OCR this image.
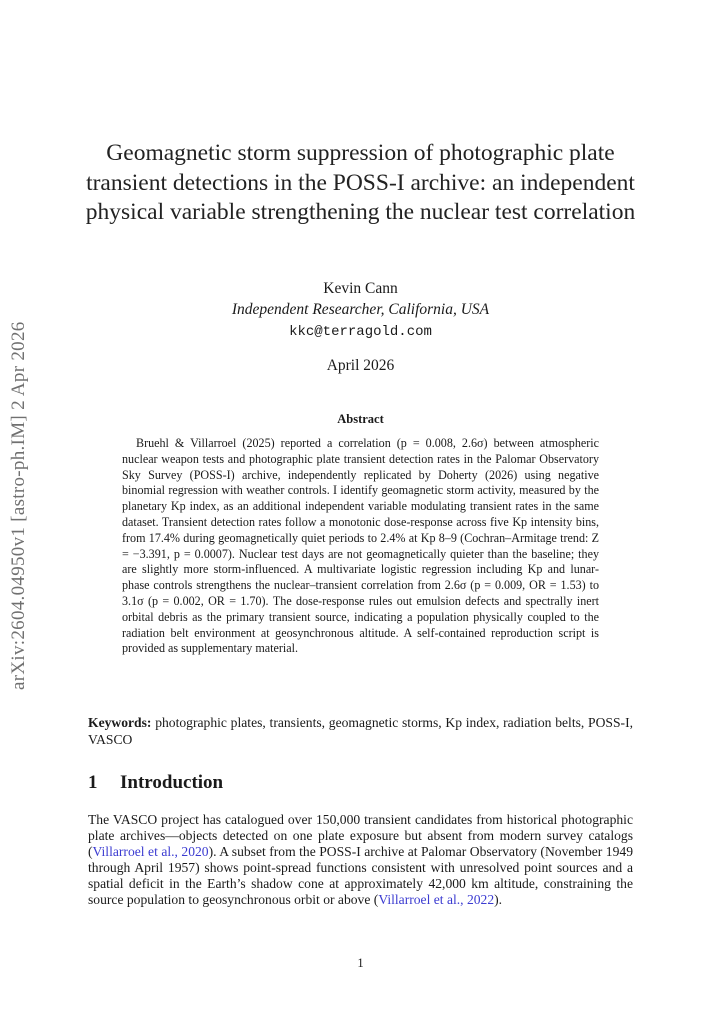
arXiv:2604.04950v1 [astro-ph.IM] 2 Apr 2026
Geomagnetic storm suppression of photographic plate transient detections in the POSS-I archive: an independent physical variable strengthening the nuclear test correlation
Kevin Cann
Independent Researcher, California, USA
kkc@terragold.com
April 2026
Abstract
Bruehl & Villarroel (2025) reported a correlation (p = 0.008, 2.6σ) between atmospheric nuclear weapon tests and photographic plate transient detection rates in the Palomar Observatory Sky Survey (POSS-I) archive, independently replicated by Doherty (2026) using negative binomial regression with weather controls. I identify geomagnetic storm activity, measured by the planetary Kp index, as an additional independent variable modulating transient rates in the same dataset. Transient detection rates follow a monotonic dose-response across five Kp intensity bins, from 17.4% during geomagnetically quiet periods to 2.4% at Kp 8–9 (Cochran–Armitage trend: Z = −3.391, p = 0.0007). Nuclear test days are not geomagnetically quieter than the baseline; they are slightly more storm-influenced. A multivariate logistic regression including Kp and lunar-phase controls strengthens the nuclear–transient correlation from 2.6σ (p = 0.009, OR = 1.53) to 3.1σ (p = 0.002, OR = 1.70). The dose-response rules out emulsion defects and spectrally inert orbital debris as the primary transient source, indicating a population physically coupled to the radiation belt environment at geosynchronous altitude. A self-contained reproduction script is provided as supplementary material.
Keywords: photographic plates, transients, geomagnetic storms, Kp index, radiation belts, POSS-I, VASCO
1 Introduction
The VASCO project has catalogued over 150,000 transient candidates from historical photographic plate archives—objects detected on one plate exposure but absent from modern survey catalogs (Villarroel et al., 2020). A subset from the POSS-I archive at Palomar Observatory (November 1949 through April 1957) shows point-spread functions consistent with unresolved point sources and a spatial deficit in the Earth’s shadow cone at approximately 42,000 km altitude, constraining the source population to geosynchronous orbit or above (Villarroel et al., 2022).
1
